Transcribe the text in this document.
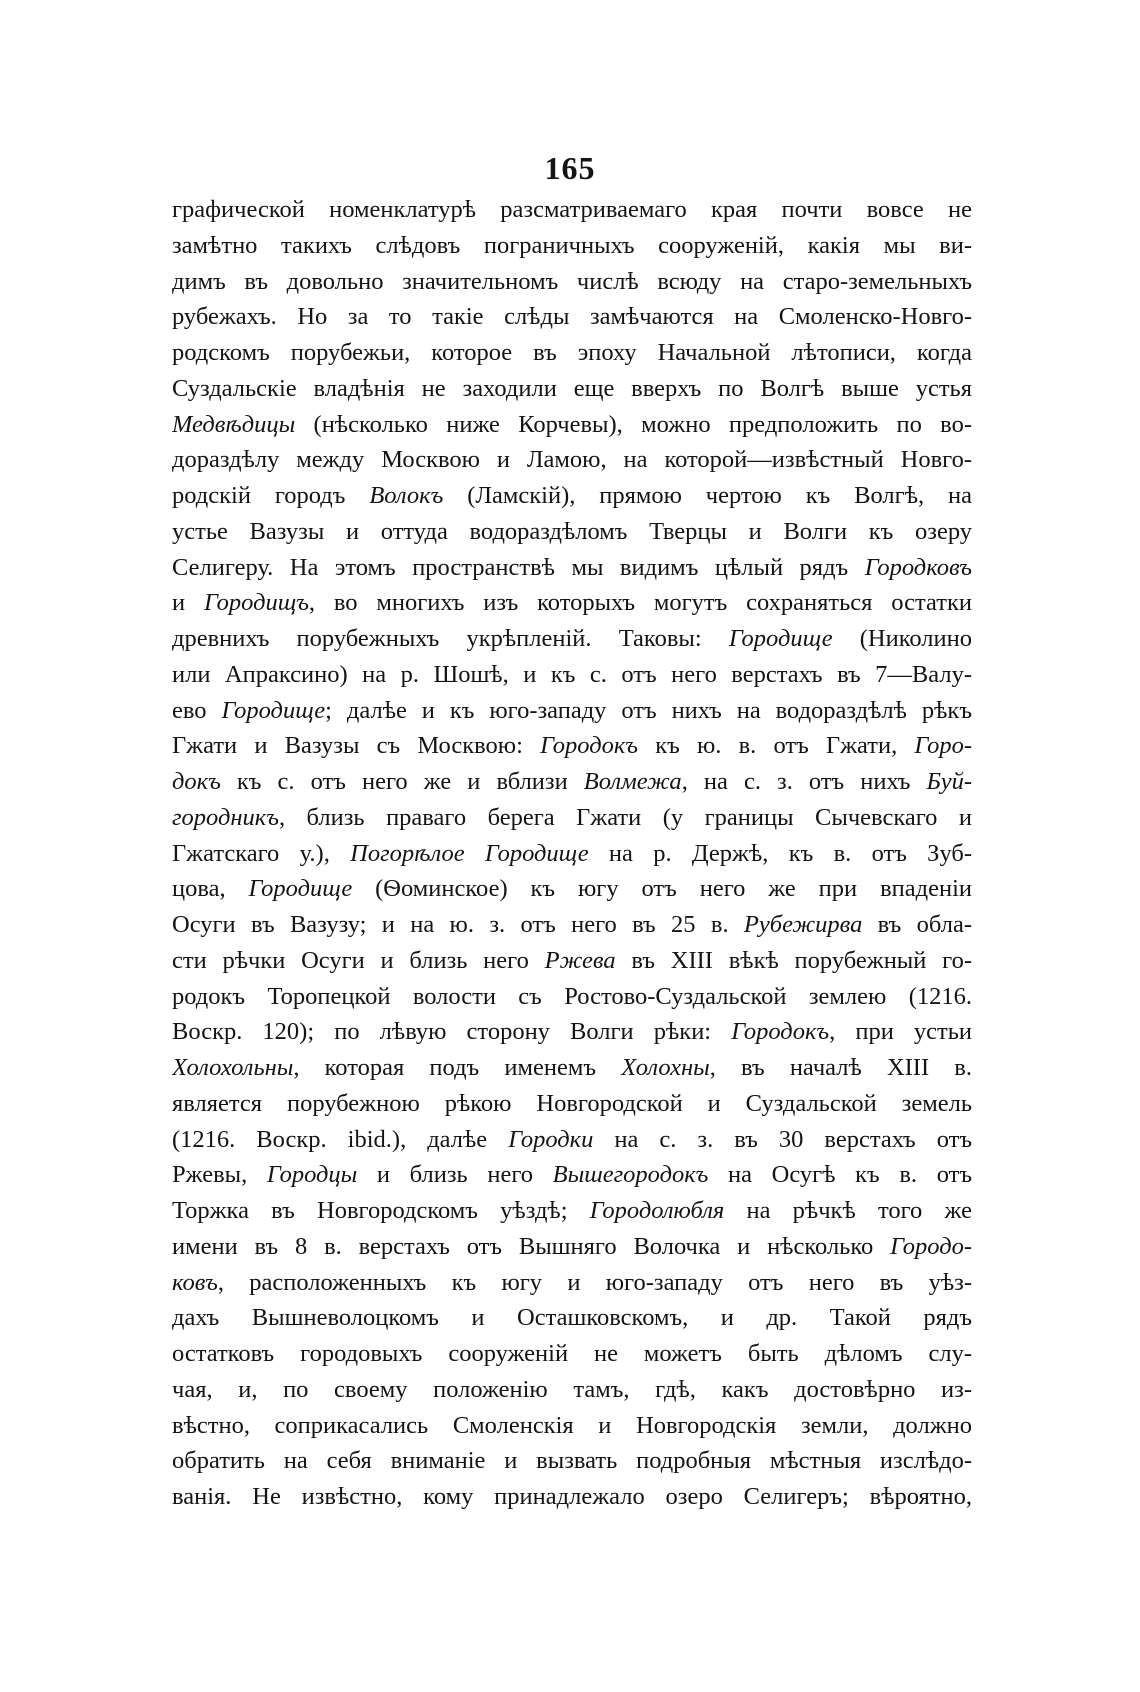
165
графической номенклатурѣ разсматриваемаго края почти вовсе не
замѣтно такихъ слѣдовъ пограничныхъ сооруженій, какія мы ви-
димъ въ довольно значительномъ числѣ всюду на старо-земельныхъ
рубежахъ. Но за то такіе слѣды замѣчаются на Смоленско-Новго-
родскомъ порубежьи, которое въ эпоху Начальной лѣтописи, когда
Суздальскіе владѣнія не заходили еще вверхъ по Волгѣ выше устья
Медвѣдицы (нѣсколько ниже Корчевы), можно предположить по во-
дораздѣлу между Москвою и Ламою, на которой—извѣстный Новго-
родскій городъ Волокъ (Ламскій), прямою чертою къ Волгѣ, на
устье Вазузы и оттуда водораздѣломъ Тверцы и Волги къ озеру
Селигеру. На этомъ пространствѣ мы видимъ цѣлый рядъ Городковъ
и Городищъ, во многихъ изъ которыхъ могутъ сохраняться остатки
древнихъ порубежныхъ укрѣпленій. Таковы: Городище (Николино
или Апраксино) на р. Шошѣ, и къ с. отъ него верстахъ въ 7—Валу-
ево Городище; далѣе и къ юго-западу отъ нихъ на водораздѣлѣ рѣкъ
Гжати и Вазузы съ Москвою: Городокъ къ ю. в. отъ Гжати, Горо-
докъ къ с. отъ него же и вблизи Волмежа, на с. з. отъ нихъ Буй-
городникъ, близь праваго берега Гжати (у границы Сычевскаго и
Гжатскаго у.), Погорѣлое Городище на р. Держѣ, къ в. отъ Зуб-
цова, Городище (Ѳоминское) къ югу отъ него же при впаденіи
Осуги въ Вазузу; и на ю. з. отъ него въ 25 в. Рубежирва въ обла-
сти рѣчки Осуги и близь него Ржева въ XIII вѣкѣ порубежный го-
родокъ Торопецкой волости съ Ростово-Суздальской землею (1216.
Воскр. 120); по лѣвую сторону Волги рѣки: Городокъ, при устьи
Холохольны, которая подъ именемъ Холохны, въ началѣ XIII в.
является порубежною рѣкою Новгородской и Суздальской земель
(1216. Воскр. ibid.), далѣе Городки на с. з. въ 30 верстахъ отъ
Ржевы, Городцы и близь него Вышегородокъ на Осугѣ къ в. отъ
Торжка въ Новгородскомъ уѣздѣ; Городолюбля на рѣчкѣ того же
имени въ 8 в. верстахъ отъ Вышняго Волочка и нѣсколько Городо-
ковъ, расположенныхъ къ югу и юго-западу отъ него въ уѣз-
дахъ Вышневолоцкомъ и Осташковскомъ, и др. Такой рядъ
остатковъ городовыхъ сооруженій не можетъ быть дѣломъ слу-
чая, и, по своему положенію тамъ, гдѣ, какъ достовѣрно из-
вѣстно, соприкасались Смоленскія и Новгородскія земли, должно
обратить на себя вниманіе и вызвать подробныя мѣстныя изслѣдо-
ванія. Не извѣстно, кому принадлежало озеро Селигеръ; вѣроятно,
